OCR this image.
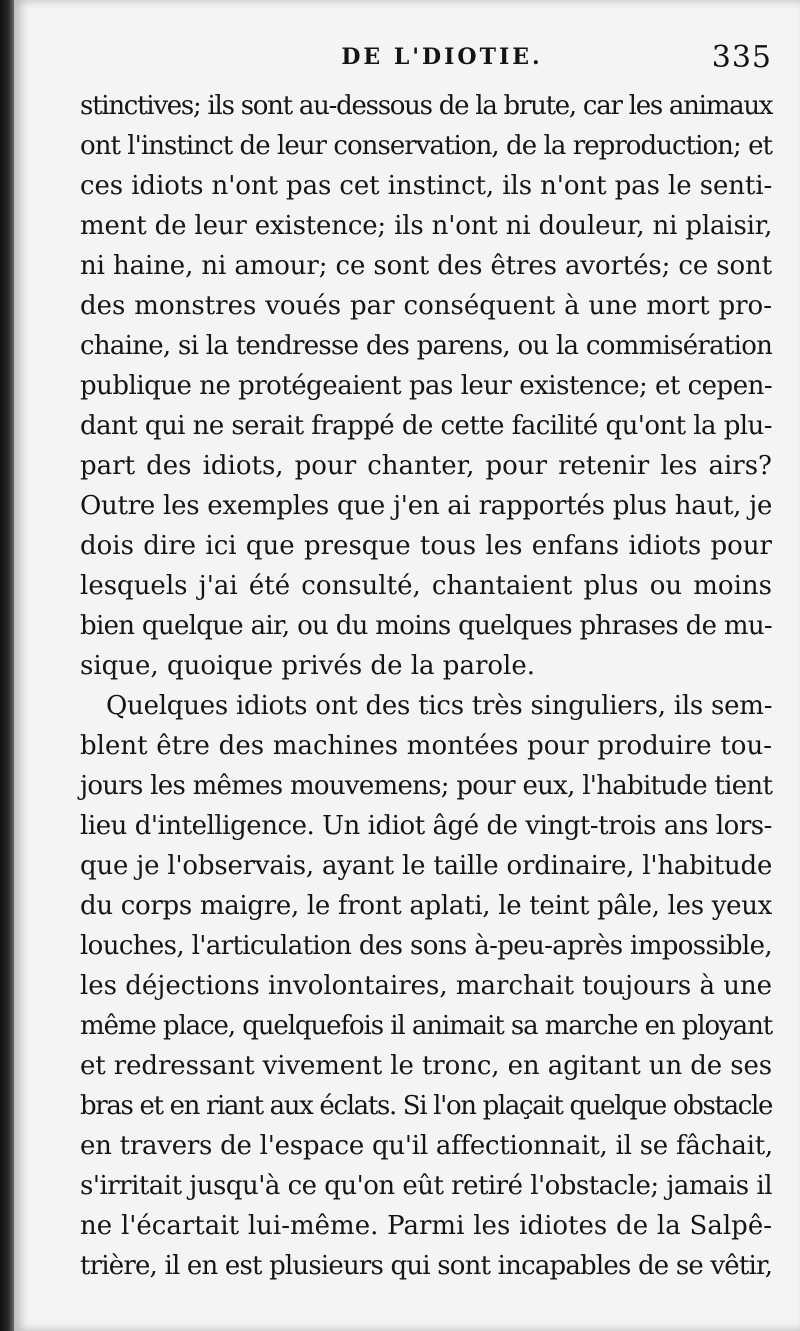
DE L'DIOTIE.	335
stinctives; ils sont au-dessous de la brute, car les animaux
ont l'instinct de leur conservation, de la reproduction; et
ces idiots n'ont pas cet instinct, ils n'ont pas le senti-
ment de leur existence; ils n'ont ni douleur, ni plaisir,
ni haine, ni amour; ce sont des êtres avortés; ce sont
des monstres voués par conséquent à une mort pro-
chaine, si la tendresse des parens, ou la commisération
publique ne protégeaient pas leur existence; et cepen-
dant qui ne serait frappé de cette facilité qu'ont la plu-
part des idiots, pour chanter, pour retenir les airs?
Outre les exemples que j'en ai rapportés plus haut, je
dois dire ici que presque tous les enfans idiots pour
lesquels j'ai été consulté, chantaient plus ou moins
bien quelque air, ou du moins quelques phrases de mu-
sique, quoique privés de la parole.
Quelques idiots ont des tics très singuliers, ils sem-
blent être des machines montées pour produire tou-
jours les mêmes mouvemens; pour eux, l'habitude tient
lieu d'intelligence. Un idiot âgé de vingt-trois ans lors-
que je l'observais, ayant le taille ordinaire, l'habitude
du corps maigre, le front aplati, le teint pâle, les yeux
louches, l'articulation des sons à-peu-après impossible,
les déjections involontaires, marchait toujours à une
même place, quelquefois il animait sa marche en ployant
et redressant vivement le tronc, en agitant un de ses
bras et en riant aux éclats. Si l'on plaçait quelque obstacle
en travers de l'espace qu'il affectionnait, il se fâchait,
s'irritait jusqu'à ce qu'on eût retiré l'obstacle; jamais il
ne l'écartait lui-même. Parmi les idiotes de la Salpê-
trière, il en est plusieurs qui sont incapables de se vêtir,
